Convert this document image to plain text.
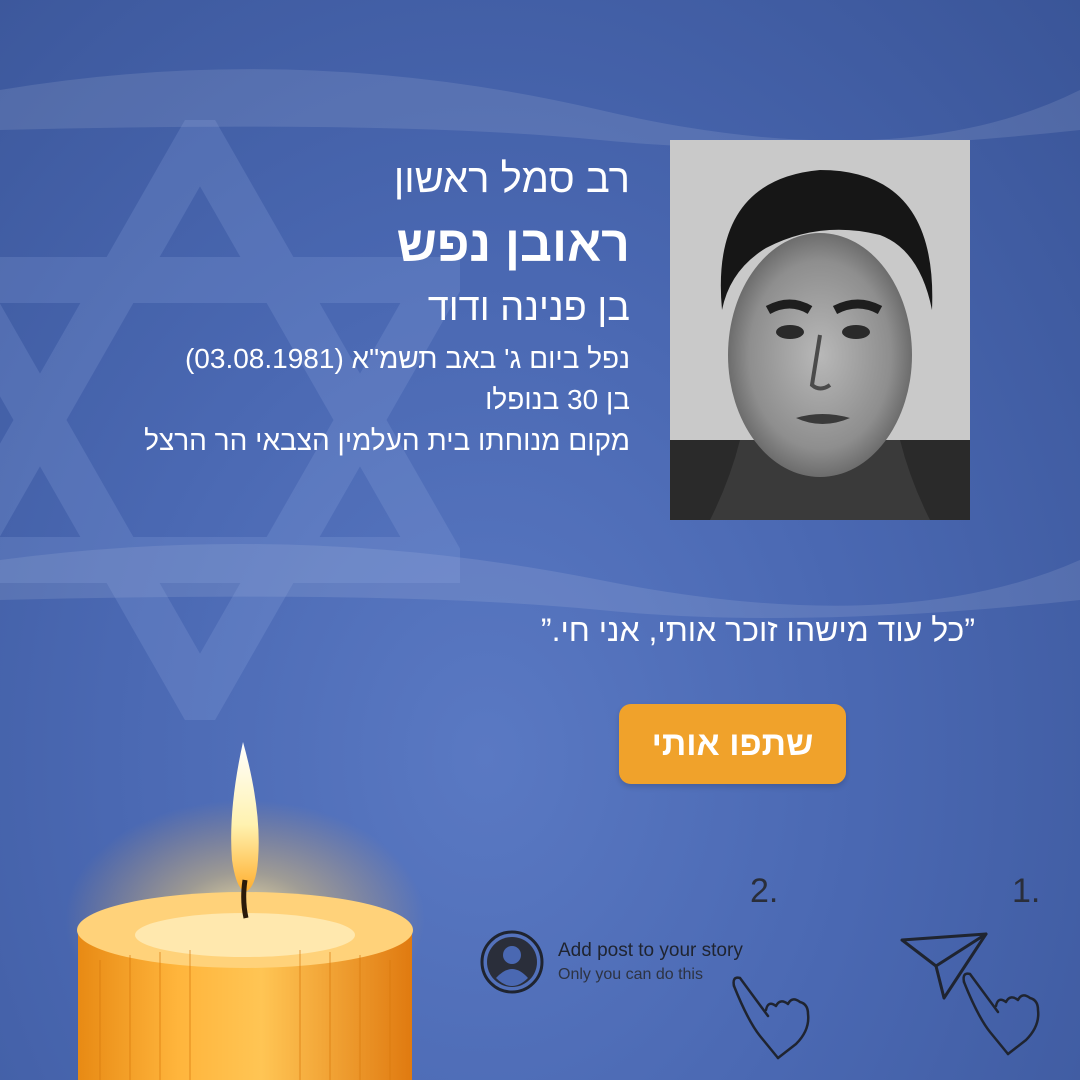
רב סמל ראשון
ראובן נפש
בן פנינה ודוד
נפל ביום ג' באב תשמ"א (03.08.1981)
בן 30 בנופלו
מקום מנוחתו בית העלמין הצבאי הר הרצל
”כל עוד מישהו זוכר אותי, אני חי.”
שתפו אותי
1.
2.
Add post to your story
Only you can do this
